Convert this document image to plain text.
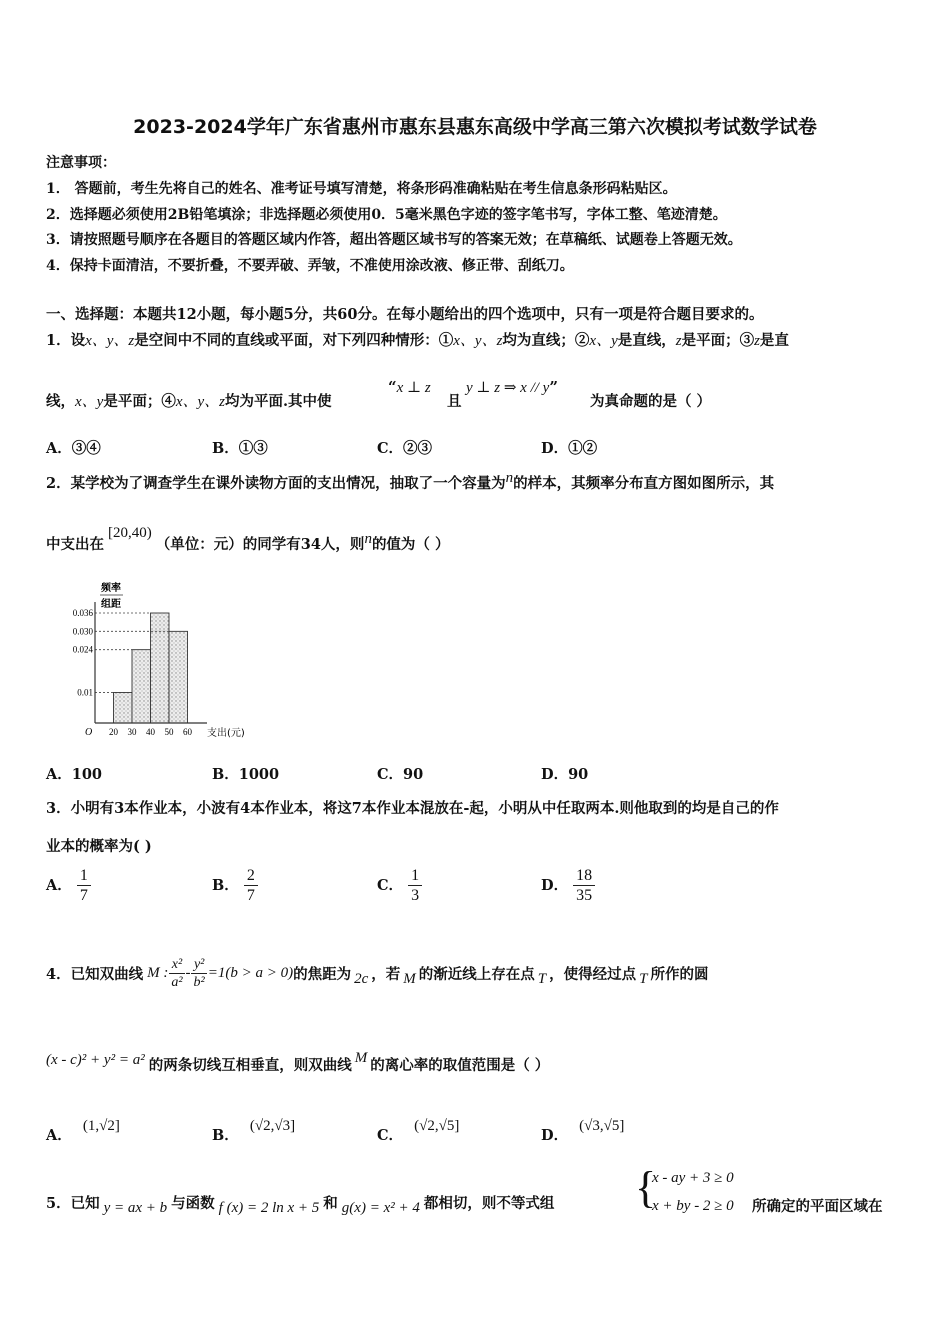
2023-2024学年广东省惠州市惠东县惠东高级中学高三第六次模拟考试数学试卷
注意事项：
1． 答题前，考生先将自己的姓名、准考证号填写清楚，将条形码准确粘贴在考生信息条形码粘贴区。
2．选择题必须使用2B铅笔填涂；非选择题必须使用0．5毫米黑色字迹的签字笔书写，字体工整、笔迹清楚。
3．请按照题号顺序在各题目的答题区域内作答，超出答题区域书写的答案无效；在草稿纸、试题卷上答题无效。
4．保持卡面清洁，不要折叠，不要弄破、弄皱，不准使用涂改液、修正带、刮纸刀。
一、选择题：本题共12小题，每小题5分，共60分。在每小题给出的四个选项中，只有一项是符合题目要求的。
1．设x、y、z是空间中不同的直线或平面，对下列四种情形：①x、y、z均为直线；②x、y是直线，z是平面；③z是直
线，x、y是平面；④x、y、z均为平面.其中使
“x ⊥ z
且
y ⊥ z ⇒ x // y”
为真命题的是（ ）
A．③④	B．①③	C．②③	D．①②
2．某学校为了调查学生在课外读物方面的支出情况，抽取了一个容量为n的样本，其频率分布直方图如图所示，其
中支出在[20,40)（单位：元）的同学有34人，则n的值为（ ）
0.01
0.024
0.030
0.036
20 30 40 50 60
频率
组距
O	支出(元)
A．100	B．1000	C．90	D．90
3．小明有3本作业本，小波有4本作业本，将这7本作业本混放在-起，小明从中任取两本.则他取到的均是自己的作
业本的概率为( )
A． $\frac{1}{7}$	B． $\frac{2}{7}$	C． $\frac{1}{3}$	D． $\frac{18}{35}$
4．已知双曲线 M : $\frac{\text{x²}}{\text{a²}} - \frac{\text{y²}}{\text{b²}} =1(b > a > 0)$ 的焦距为 2c ，若 M 的渐近线上存在点 T ，使得经过点 T 所作的圆
(x - c)² + y² = a² 的两条切线互相垂直，则双曲线 M 的离心率的取值范围是（ ）
A． (1,√2]
B． (√2,√3]
C． (√2,√5]
D． (√3,√5]
5．已知 y = ax + b 与函数 f (x) = 2 ln x + 5 和 g(x) = x² + 4 都相切，则不等式组 {
x - ay + 3 ≥ 0
x + by - 2 ≥ 0 所确定的平面区域在
